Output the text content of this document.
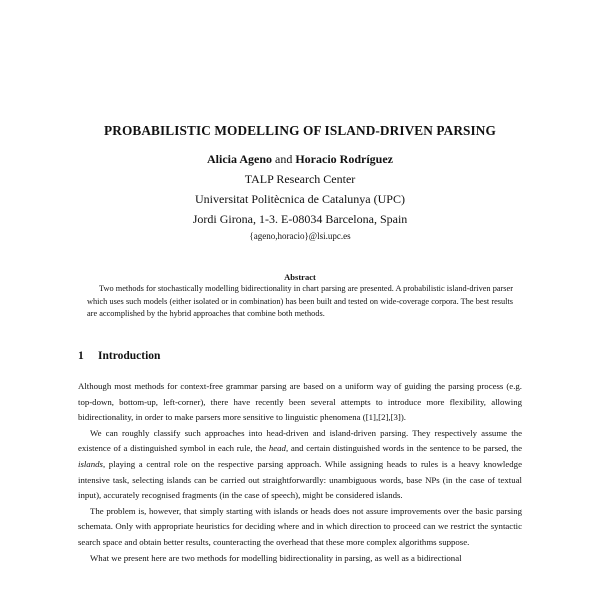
PROBABILISTIC MODELLING OF ISLAND-DRIVEN PARSING
Alicia Ageno and Horacio Rodríguez
TALP Research Center
Universitat Politècnica de Catalunya (UPC)
Jordi Girona, 1-3. E-08034 Barcelona, Spain
{ageno,horacio}@lsi.upc.es
Abstract
Two methods for stochastically modelling bidirectionality in chart parsing are presented. A probabilistic island-driven parser which uses such models (either isolated or in combination) has been built and tested on wide-coverage corpora. The best results are accomplished by the hybrid approaches that combine both methods.
1 Introduction

Although most methods for context-free grammar parsing are based on a uniform way of guiding the parsing process (e.g. top-down, bottom-up, left-corner), there have recently been several attempts to introduce more flexibility, allowing bidirectionality, in order to make parsers more sensitive to linguistic phenomena ([1],[2],[3]).

We can roughly classify such approaches into head-driven and island-driven parsing. They respectively assume the existence of a distinguished symbol in each rule, the head, and certain distinguished words in the sentence to be parsed, the islands, playing a central role on the respective parsing approach. While assigning heads to rules is a heavy knowledge intensive task, selecting islands can be carried out straightforwardly: unambiguous words, base NPs (in the case of textual input), accurately recognised fragments (in the case of speech), might be considered islands.

The problem is, however, that simply starting with islands or heads does not assure improvements over the basic parsing schemata. Only with appropriate heuristics for deciding where and in which direction to proceed can we restrict the syntactic search space and obtain better results, counteracting the overhead that these more complex algorithms suppose.

What we present here are two methods for modelling bidirectionality in parsing, as well as a bidirectional
